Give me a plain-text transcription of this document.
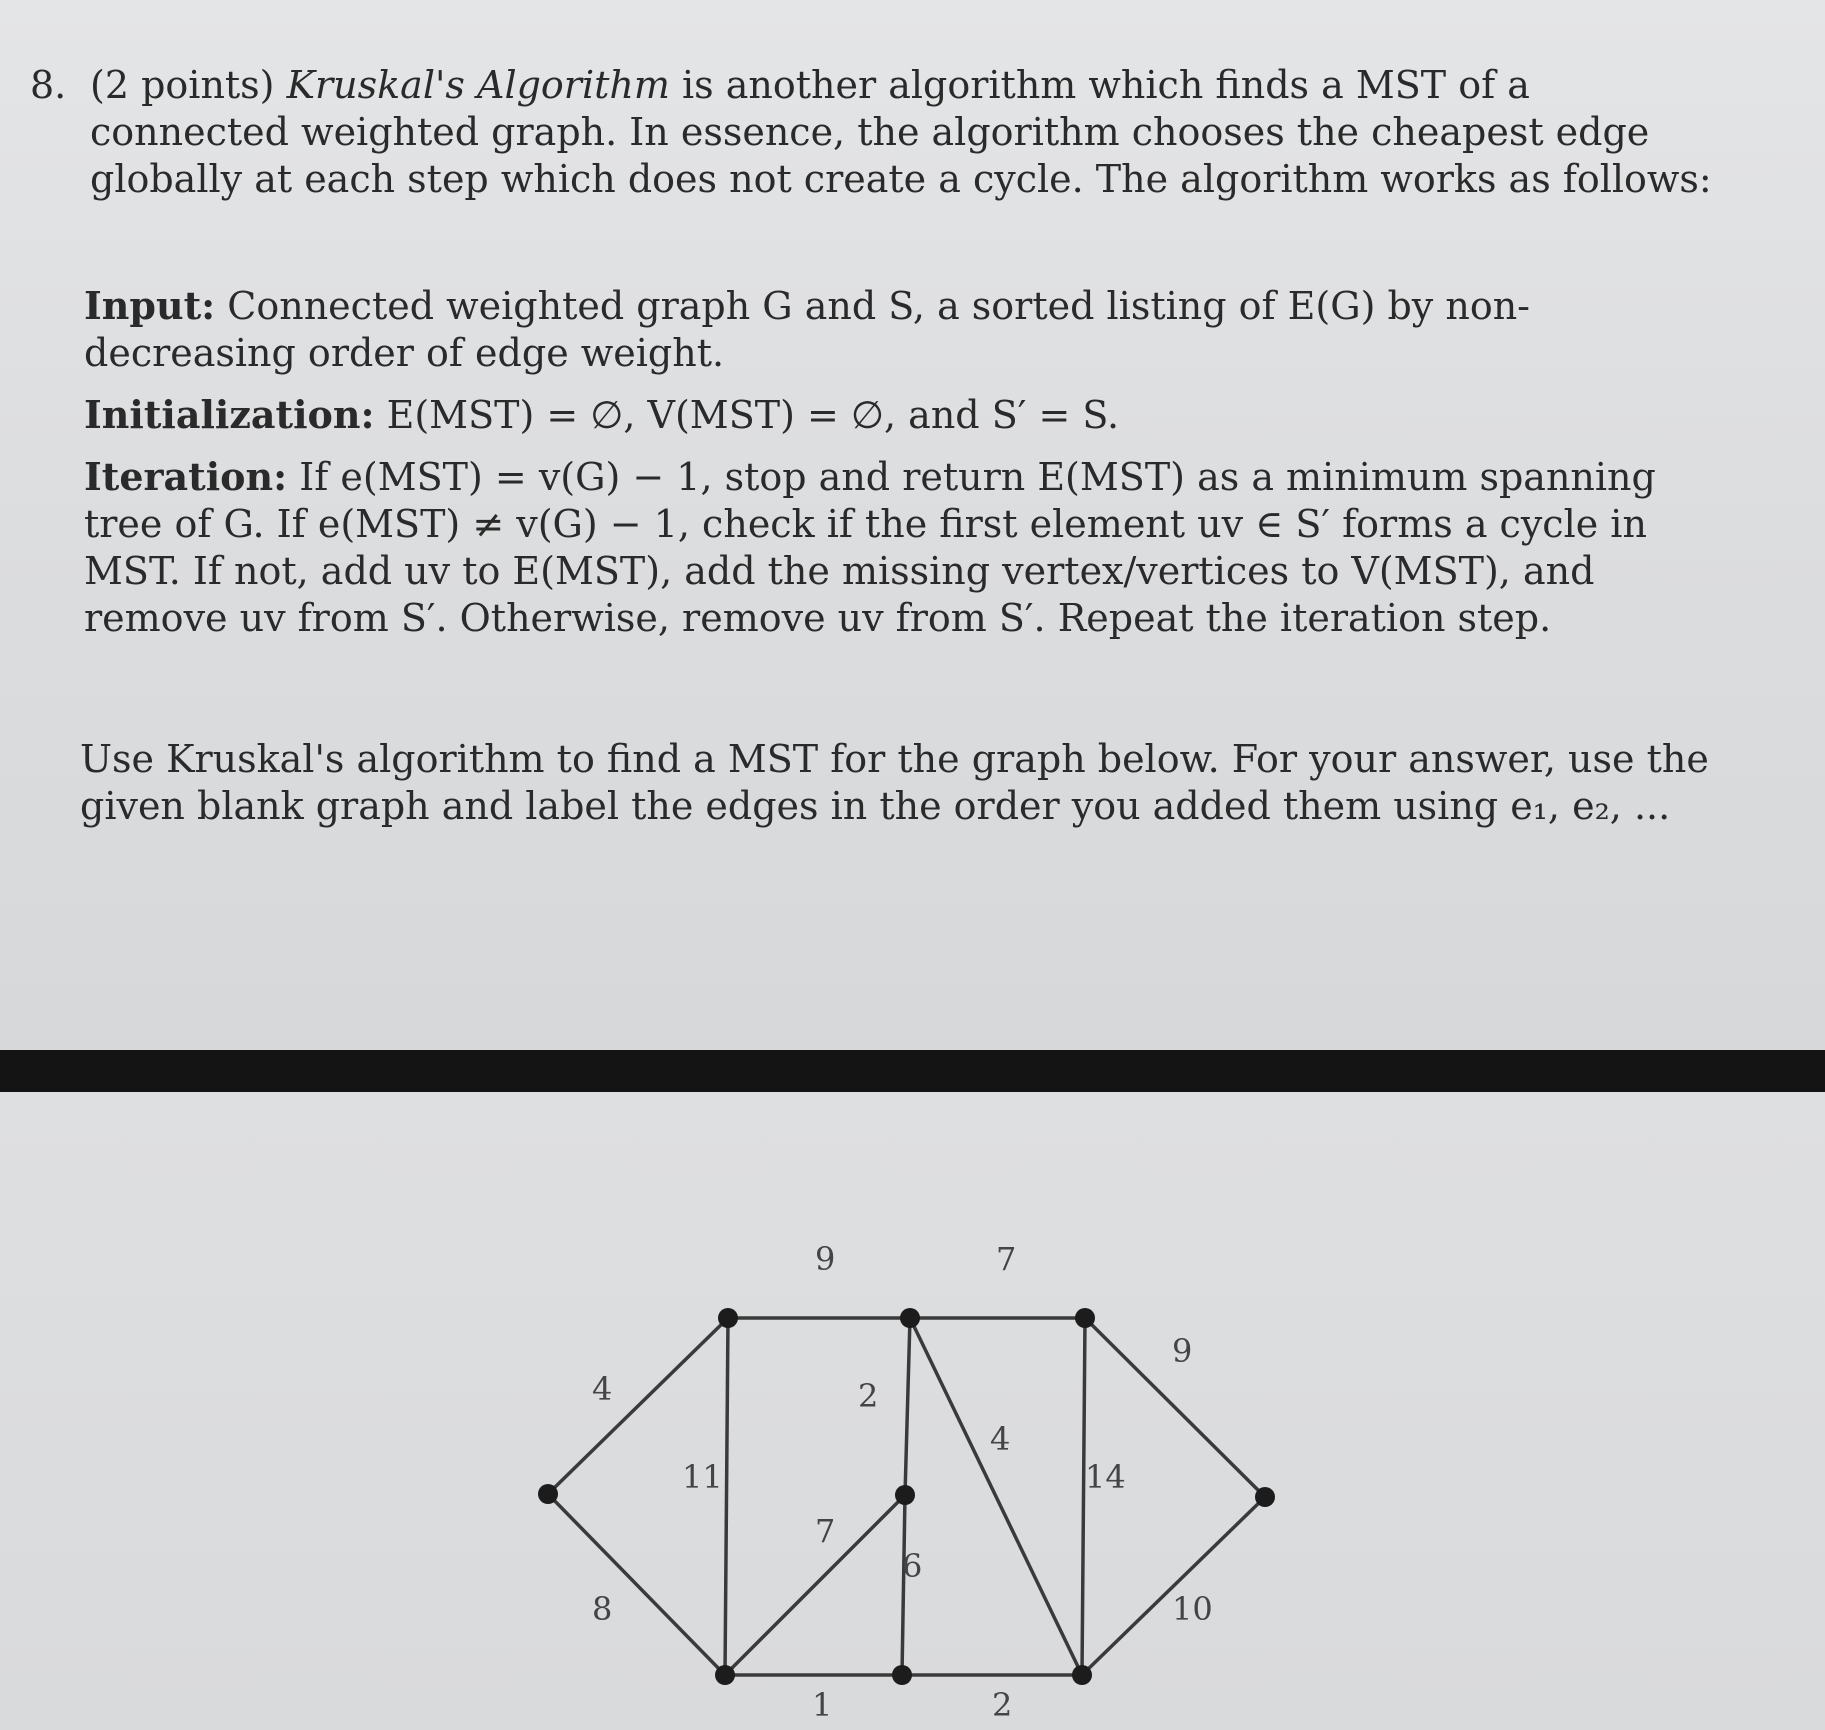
8. (2 points) Kruskal's Algorithm is another algorithm which finds a MST of a connected weighted graph. In essence, the algorithm chooses the cheapest edge globally at each step which does not create a cycle. The algorithm works as follows:
Input: Connected weighted graph G and S, a sorted listing of E(G) by non-decreasing order of edge weight.
Initialization: E(MST) = ∅, V(MST) = ∅, and S′ = S.
Iteration: If e(MST) = v(G) − 1, stop and return E(MST) as a minimum spanning tree of G. If e(MST) ≠ v(G) − 1, check if the first element uv ∈ S′ forms a cycle in MST. If not, add uv to E(MST), add the missing vertex/vertices to V(MST), and remove uv from S′. Otherwise, remove uv from S′. Repeat the iteration step.
Use Kruskal's algorithm to find a MST for the graph below. For your answer, use the given blank graph and label the edges in the order you added them using e₁, e₂, ...
9	7
4
8
11
2
7
4
6
14
9
10
1	2
